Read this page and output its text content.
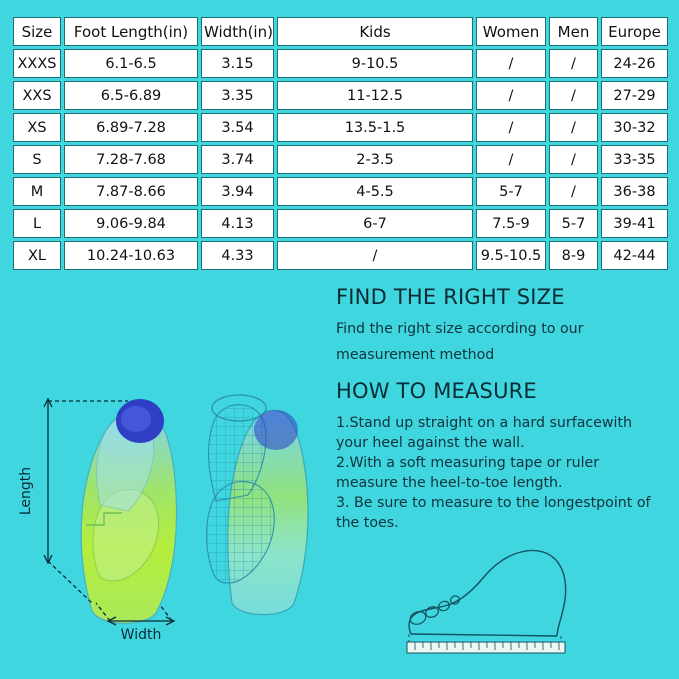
Size	Foot Length(in)	Width(in)	Kids	Women	Men	Europe
XXXS	6.1-6.5	3.15	9-10.5	/	/	24-26
XXS	6.5-6.89	3.35	11-12.5	/	/	27-29
XS	6.89-7.28	3.54	13.5-1.5	/	/	30-32
S	7.28-7.68	3.74	2-3.5	/	/	33-35
M	7.87-8.66	3.94	4-5.5	5-7	/	36-38
L	9.06-9.84	4.13	6-7	7.5-9	5-7	39-41
XL	10.24-10.63	4.33	/	9.5-10.5	8-9	42-44
Length
Width
FIND THE RIGHT SIZE

Find the right size according to our

measurement method

HOW TO MEASURE

1.Stand up straight on a hard surfacewith

your heel against the wall.

2.With a soft measuring tape or ruler

measure the heel-to-toe length.

3. Be sure to measure to the longestpoint of

the toes.
